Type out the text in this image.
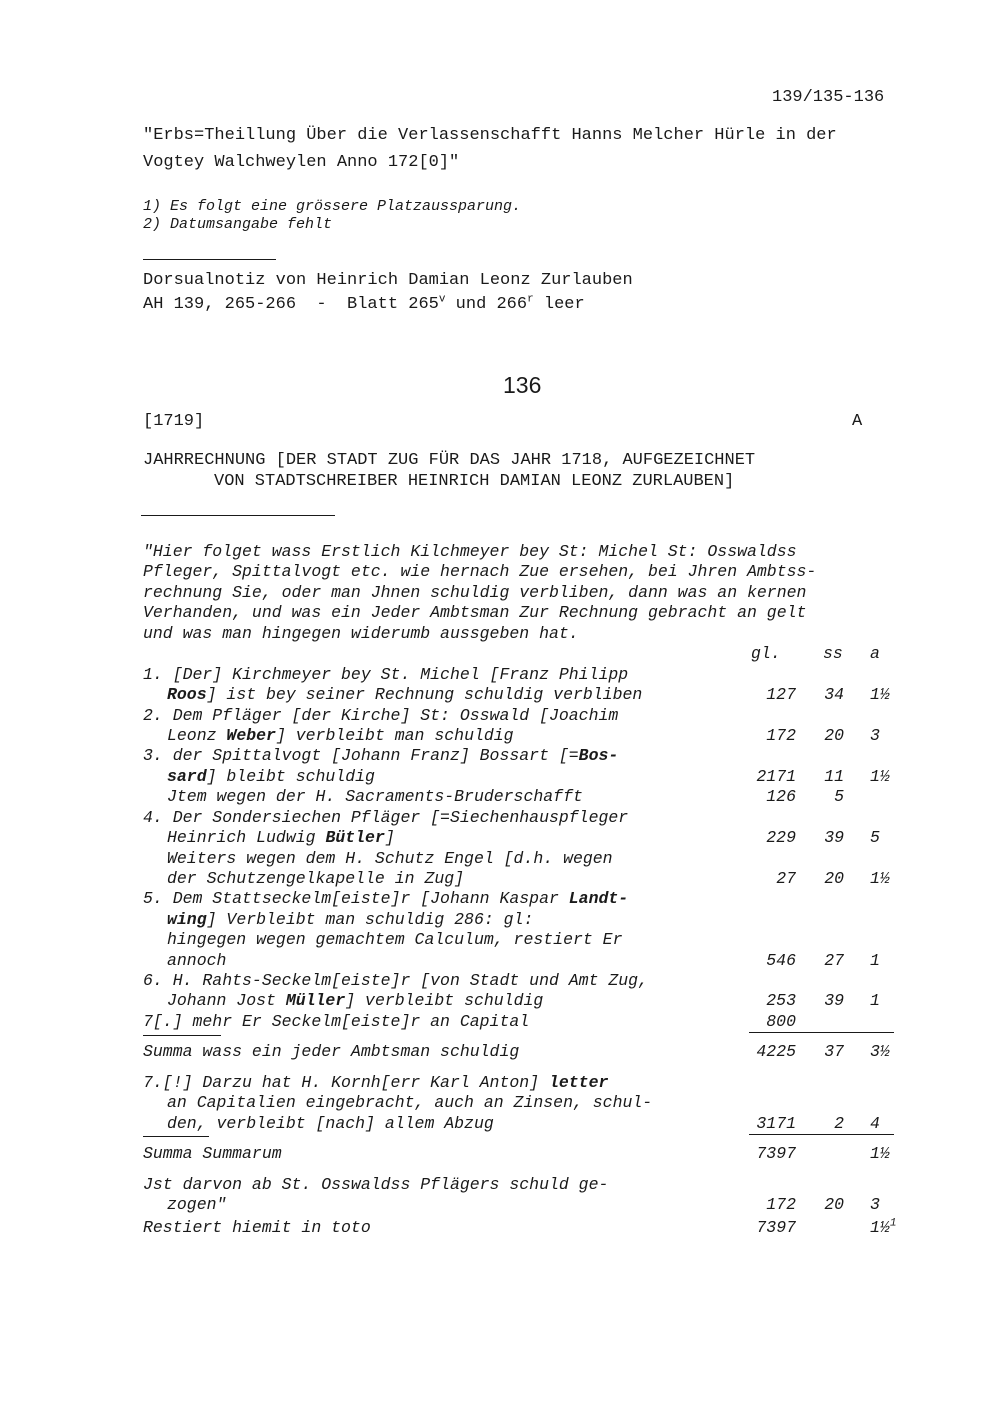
139/135-136
"Erbs=Theillung Über die Verlassenschafft Hanns Melcher Hürle in der
Vogtey Walchweylen Anno 172[0]"
1) Es folgt eine grössere Platzaussparung.
2) Datumsangabe fehlt
Dorsualnotiz von Heinrich Damian Leonz Zurlauben
AH 139, 265-266  -  Blatt 265$^v$ und 266$^r$ leer
136
[1719]	A
JAHRRECHNUNG [DER STADT ZUG FÜR DAS JAHR 1718, AUFGEZEICHNET
VON STADTSCHREIBER HEINRICH DAMIAN LEONZ ZURLAUBEN]
"Hier folget wass Erstlich Kilchmeyer bey St: Michel St: Osswaldss
Pfleger, Spittalvogt etc. wie hernach Zue ersehen, bei Jhren Ambtss-
rechnung Sie, oder man Jhnen schuldig verbliben, dann was an kernen
Verhanden, und was ein Jeder Ambtsman Zur Rechnung gebracht an gelt
und was man hingegen widerumb aussgeben hat.
gl.	ss a
1. [Der] Kirchmeyer bey St. Michel [Franz Philipp
Roos] ist bey seiner Rechnung schuldig verbliben	127 34 1½
2. Dem Pfläger [der Kirche] St: Osswald [Joachim
Leonz Weber] verbleibt man schuldig	172 20 3
3. der Spittalvogt [Johann Franz] Bossart [=Bos-
sard] bleibt schuldig	2171 11 1½
Jtem wegen der H. Sacraments-Bruderschafft	126 5
4. Der Sondersiechen Pfläger [=Siechenhauspfleger
Heinrich Ludwig Bütler]	229 39 5
Weiters wegen dem H. Schutz Engel [d.h. wegen
der Schutzengelkapelle in Zug]	27 20 1½
5. Dem Stattseckelm[eiste]r [Johann Kaspar Landt-
wing] Verbleibt man schuldig 286: gl:
hingegen wegen gemachtem Calculum, restiert Er
annoch	546 27 1
6. H. Rahts-Seckelm[eiste]r [von Stadt und Amt Zug,
Johann Jost Müller] verbleibt schuldig	253 39 1
7[.] mehr Er Seckelm[eiste]r an Capital	800
Summa wass ein jeder Ambtsman schuldig	4225 37 3½
7.[!] Darzu hat H. Kornh[err Karl Anton] letter
an Capitalien eingebracht, auch an Zinsen, schul-
den, verbleibt [nach] allem Abzug	3171 2 4
Summa Summarum	7397	1½
Jst darvon ab St. Osswaldss Pflägers schuld ge-
zogen"	172 20 3
Restiert hiemit in toto	7397	1½$^1$
